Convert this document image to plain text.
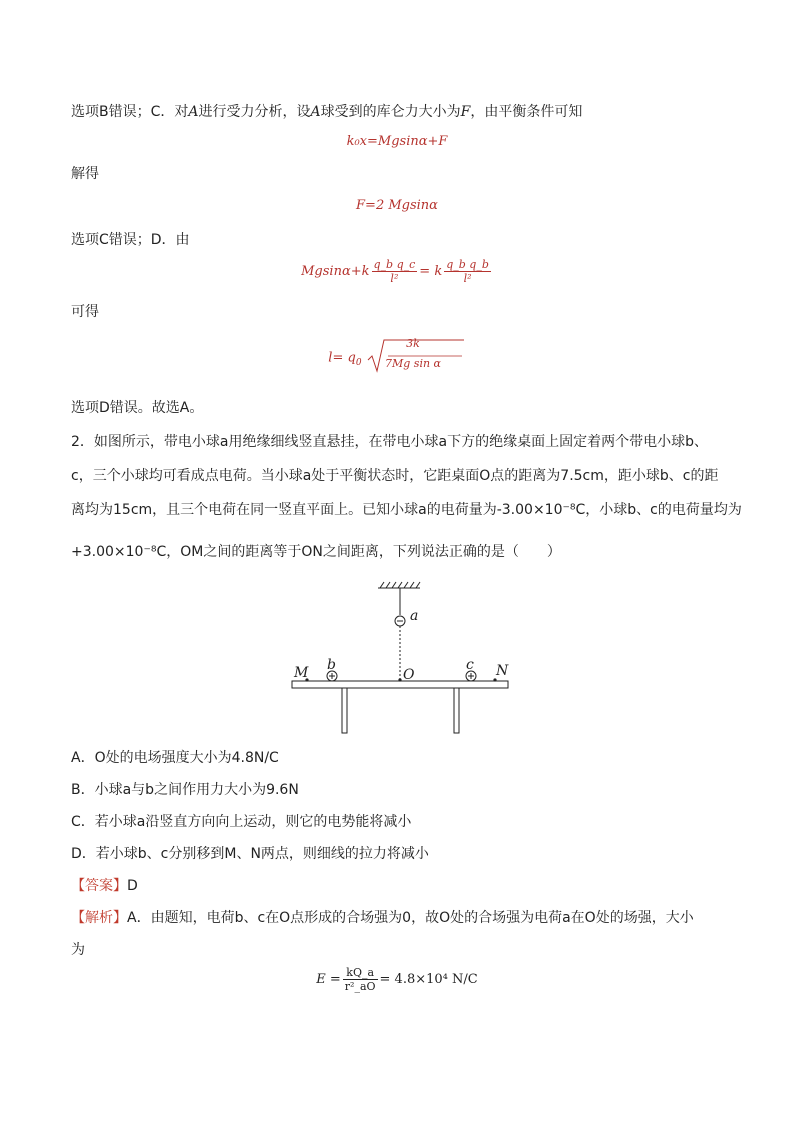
选项B错误；C．对A进行受力分析，设A球受到的库仑力大小为F，由平衡条件可知
k₀x=Mgsinα+F
解得
F=2 Mgsinα
选项C错误；D．由
$Mgsin\alpha+k \frac{\text{q\_b q\_c}}{\text{l²}} = k \frac{\text{q\_b q\_b}}{\text{l²}}$
可得
$l= q_0$
3k
7Mg sin α
选项D错误。故选A。
2．如图所示，带电小球a用绝缘细线竖直悬挂，在带电小球a下方的绝缘桌面上固定着两个带电小球b、
c，三个小球均可看成点电荷。当小球a处于平衡状态时，它距桌面O点的距离为7.5cm，距小球b、c的距
离均为15cm，且三个电荷在同一竖直平面上。已知小球a的电荷量为-3.00×10⁻⁸C，小球b、c的电荷量均为
+3.00×10⁻⁸C，OM之间的距离等于ON之间距离，下列说法正确的是（　　）
a
M	N
O
b	c
A．O处的电场强度大小为4.8N/C
B．小球a与b之间作用力大小为9.6N
C．若小球a沿竖直方向向上运动，则它的电势能将减小
D．若小球b、c分别移到M、N两点，则细线的拉力将减小
【答案】D
【解析】A．由题知，电荷b、c在O点形成的合场强为0，故O处的合场强为电荷a在O处的场强，大小
为
$E = \frac{kQ\_a}{\text{r²\_aO}} = 4.8\times 10^4$ N/C
